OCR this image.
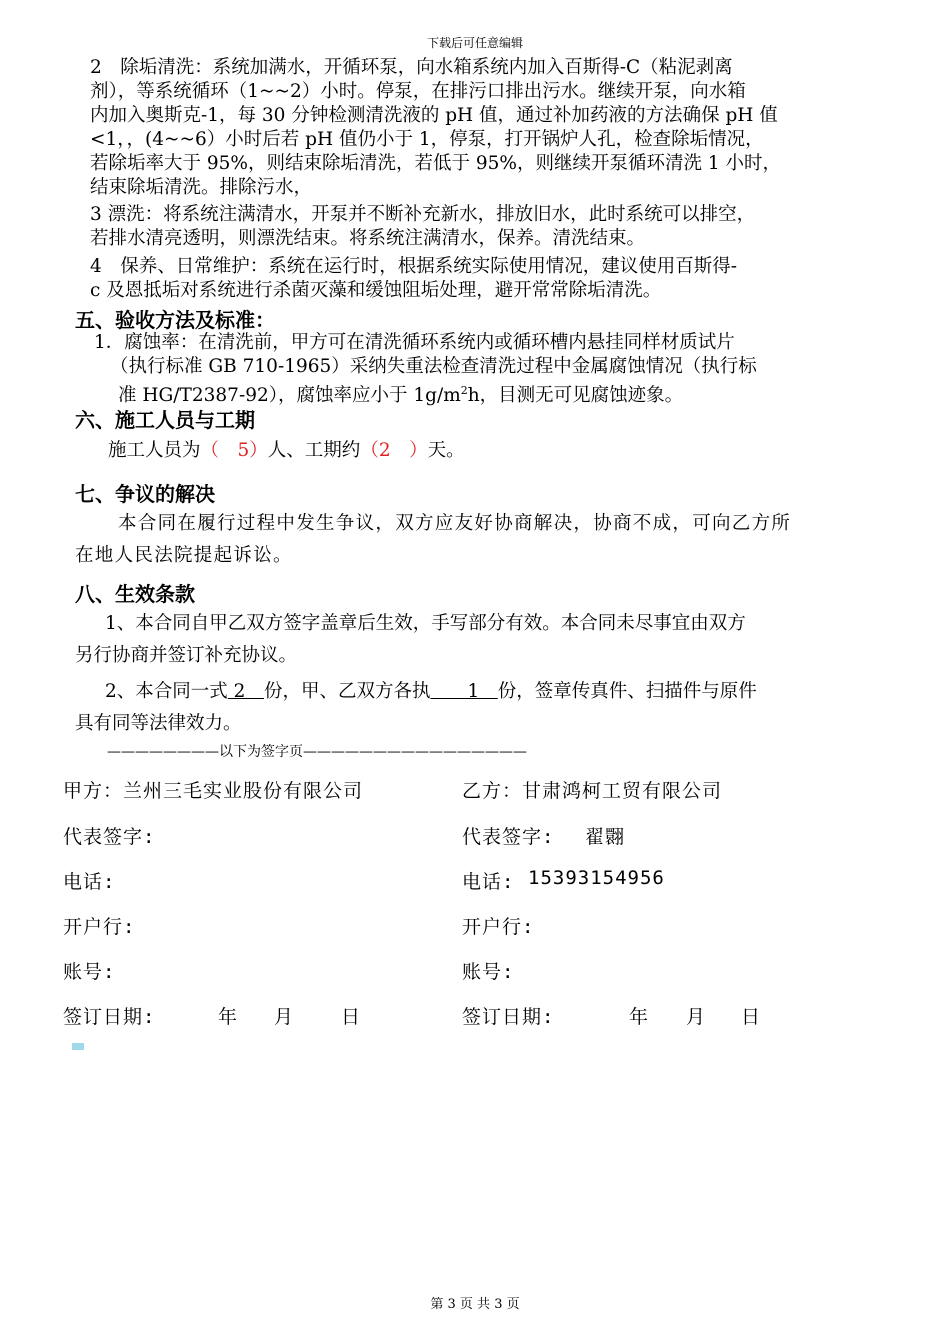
下载后可任意编辑
2　除垢清洗：系统加满水，开循环泵，向水箱系统内加入百斯得-C（粘泥剥离
剂），等系统循环（1~~2）小时。停泵，在排污口排出污水。继续开泵，向水箱
内加入奥斯克-1，每 30 分钟检测清洗液的 pH 值，通过补加药液的方法确保 pH 值
<1，，(4~~6）小时后若 pH 值仍小于 1，停泵，打开锅炉人孔，检查除垢情况，
若除垢率大于 95%，则结束除垢清洗，若低于 95%，则继续开泵循环清洗 1 小时，
结束除垢清洗。排除污水，
3 漂洗：将系统注满清水，开泵并不断补充新水，排放旧水，此时系统可以排空，
若排水清亮透明，则漂洗结束。将系统注满清水，保养。清洗结束。
4　保养、日常维护：系统在运行时，根据系统实际使用情况，建议使用百斯得-
c 及恩抵垢对系统进行杀菌灭藻和缓蚀阻垢处理，避开常常除垢清洗。
五、验收方法及标准：
1．腐蚀率：在清洗前，甲方可在清洗循环系统内或循环槽内悬挂同样材质试片
（执行标准 GB 710-1965）采纳失重法检查清洗过程中金属腐蚀情况（执行标
准 HG/T2387-92），腐蚀率应小于 $1g/m^2h$，目测无可见腐蚀迹象。
六、施工人员与工期
施工人员为（　5）人、工期约（2　）天。
七、争议的解决
本合同在履行过程中发生争议，双方应友好协商解决，协商不成，可向乙方所
在地人民法院提起诉讼。
八、生效条款
1、本合同自甲乙双方签字盖章后生效，手写部分有效。本合同未尽事宜由双方
另行协商并签订补充协议。
2、本合同一式 2　份，甲、乙双方各执　　1　份，签章传真件、扫描件与原件
具有同等法律效力。
————————以下为签字页————————————————
甲方：兰州三毛实业股份有限公司	乙方：甘肃鸿柯工贸有限公司
代表签字:	代表签字: 翟翾
电话:	电话: 15393154956
开户行:	开户行:
账号:	账号:
签订日期:	年 月 日	签订日期:	年 月 日
第 3 页 共 3 页
